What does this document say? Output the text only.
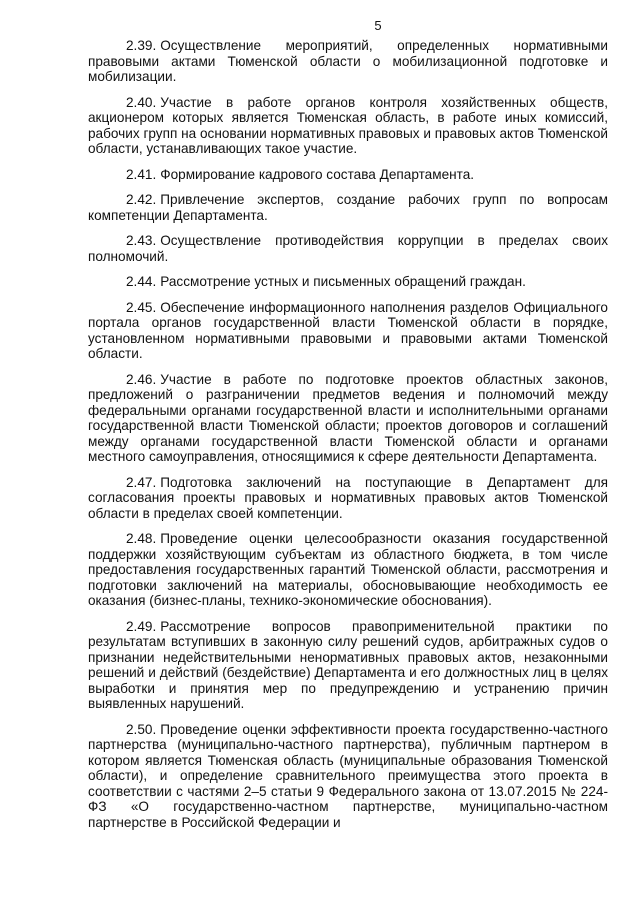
5

2.39. Осуществление мероприятий, определенных нормативными правовыми актами Тюменской области о мобилизационной подготовке и мобилизации.

2.40. Участие в работе органов контроля хозяйственных обществ, акционером которых является Тюменская область, в работе иных комиссий, рабочих групп на основании нормативных правовых и правовых актов Тюменской области, устанавливающих такое участие.

2.41. Формирование кадрового состава Департамента.

2.42. Привлечение экспертов, создание рабочих групп по вопросам компетенции Департамента.

2.43. Осуществление противодействия коррупции в пределах своих полномочий.

2.44. Рассмотрение устных и письменных обращений граждан.

2.45. Обеспечение информационного наполнения разделов Официального портала органов государственной власти Тюменской области в порядке, установленном нормативными правовыми и правовыми актами Тюменской области.

2.46. Участие в работе по подготовке проектов областных законов, предложений о разграничении предметов ведения и полномочий между федеральными органами государственной власти и исполнительными органами государственной власти Тюменской области; проектов договоров и соглашений между органами государственной власти Тюменской области и органами местного самоуправления, относящимися к сфере деятельности Департамента.

2.47. Подготовка заключений на поступающие в Департамент для согласования проекты правовых и нормативных правовых актов Тюменской области в пределах своей компетенции.

2.48. Проведение оценки целесообразности оказания государственной поддержки хозяйствующим субъектам из областного бюджета, в том числе предоставления государственных гарантий Тюменской области, рассмотрения и подготовки заключений на материалы, обосновывающие необходимость ее оказания (бизнес-планы, технико-экономические обоснования).

2.49. Рассмотрение вопросов правоприменительной практики по результатам вступивших в законную силу решений судов, арбитражных судов о признании недействительными ненормативных правовых актов, незаконными решений и действий (бездействие) Департамента и его должностных лиц в целях выработки и принятия мер по предупреждению и устранению причин выявленных нарушений.

2.50. Проведение оценки эффективности проекта государственно-частного партнерства (муниципально-частного партнерства), публичным партнером в котором является Тюменская область (муниципальные образования Тюменской области), и определение сравнительного преимущества этого проекта в соответствии с частями 2–5 статьи 9 Федерального закона от 13.07.2015 № 224-ФЗ «О государственно-частном партнерстве, муниципально-частном партнерстве в Российской Федерации и
